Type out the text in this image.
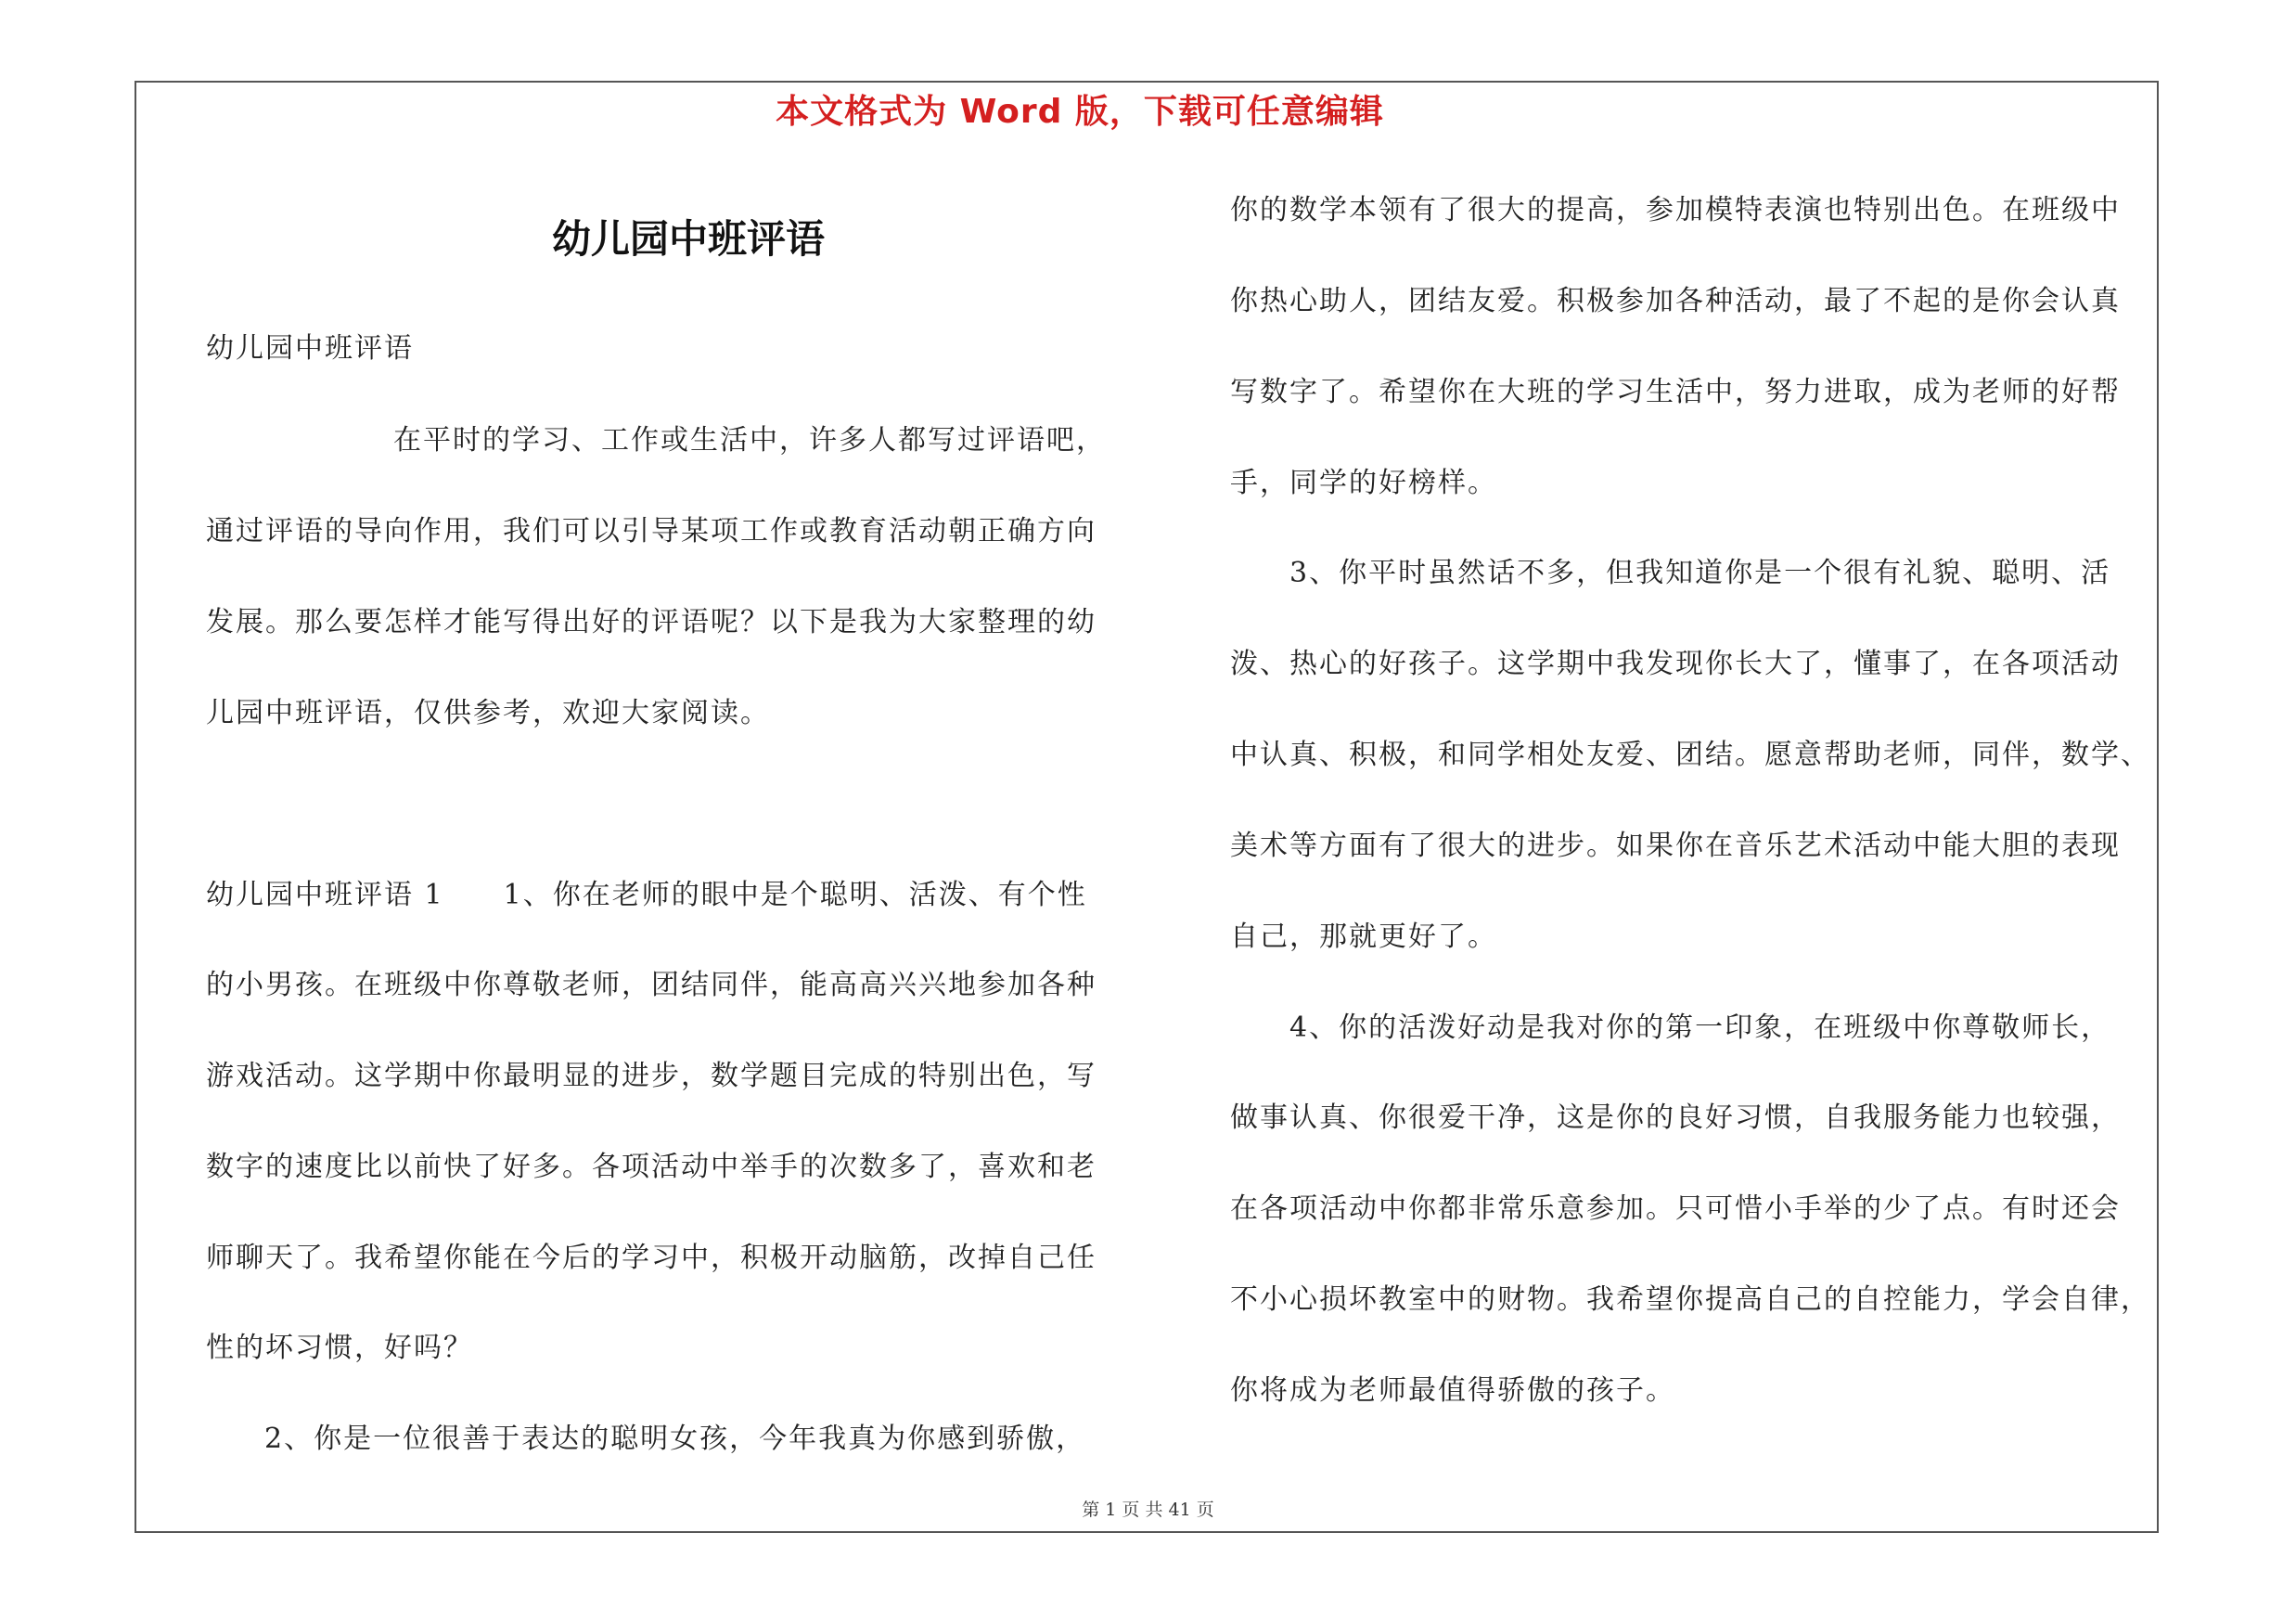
本文格式为 Word 版，下载可任意编辑
幼儿园中班评语
幼儿园中班评语
在平时的学习、工作或生活中，许多人都写过评语吧，
通过评语的导向作用，我们可以引导某项工作或教育活动朝正确方向
发展。那么要怎样才能写得出好的评语呢？以下是我为大家整理的幼
儿园中班评语，仅供参考，欢迎大家阅读。
幼儿园中班评语 1　　1、你在老师的眼中是个聪明、活泼、有个性
的小男孩。在班级中你尊敬老师，团结同伴，能高高兴兴地参加各种
游戏活动。这学期中你最明显的进步，数学题目完成的特别出色，写
数字的速度比以前快了好多。各项活动中举手的次数多了，喜欢和老
师聊天了。我希望你能在今后的学习中，积极开动脑筋，改掉自己任
性的坏习惯，好吗？
2、你是一位很善于表达的聪明女孩，今年我真为你感到骄傲，
你的数学本领有了很大的提高，参加模特表演也特别出色。在班级中
你热心助人，团结友爱。积极参加各种活动，最了不起的是你会认真
写数字了。希望你在大班的学习生活中，努力进取，成为老师的好帮
手，同学的好榜样。
3、你平时虽然话不多，但我知道你是一个很有礼貌、聪明、活
泼、热心的好孩子。这学期中我发现你长大了，懂事了，在各项活动
中认真、积极，和同学相处友爱、团结。愿意帮助老师，同伴，数学、
美术等方面有了很大的进步。如果你在音乐艺术活动中能大胆的表现
自己，那就更好了。
4、你的活泼好动是我对你的第一印象，在班级中你尊敬师长，
做事认真、你很爱干净，这是你的良好习惯，自我服务能力也较强，
在各项活动中你都非常乐意参加。只可惜小手举的少了点。有时还会
不小心损坏教室中的财物。我希望你提高自己的自控能力，学会自律，
你将成为老师最值得骄傲的孩子。
第 1 页 共 41 页
